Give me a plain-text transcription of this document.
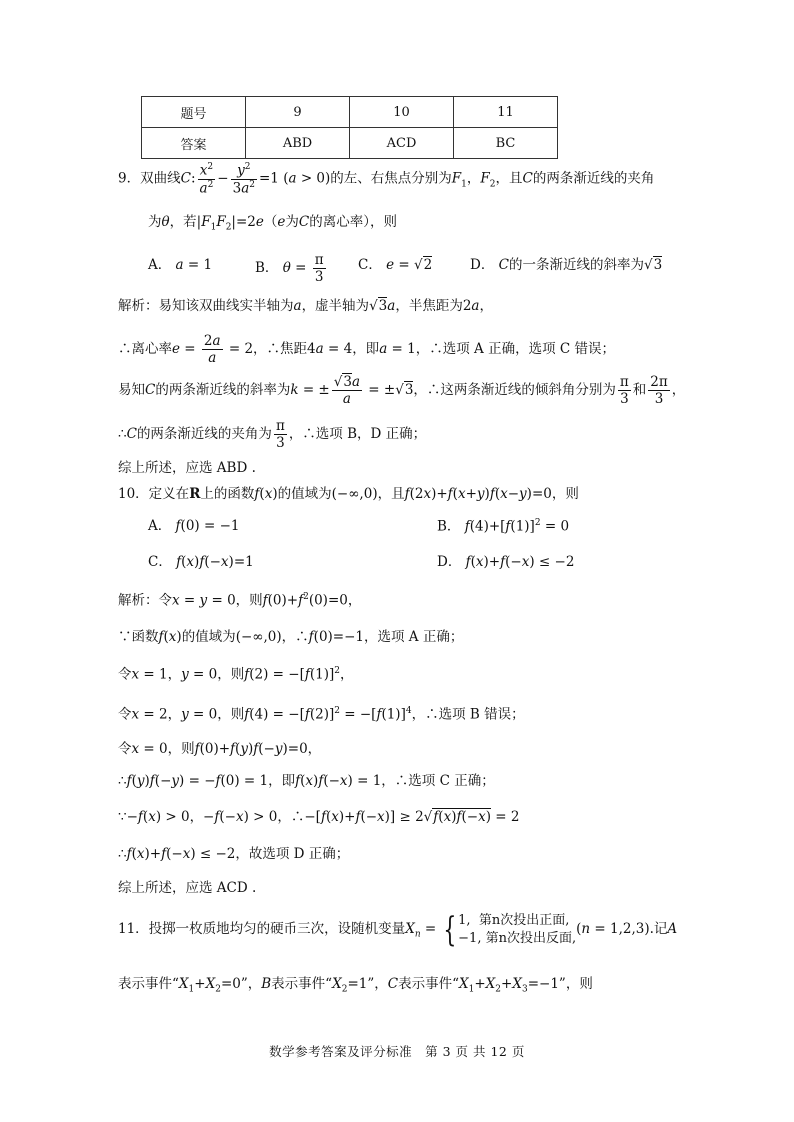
题号	9	10	11
答案	ABD	ACD	BC
9．双曲线C: $\frac{x^2}{a^2} - \frac{y^2}{3a^2} =1$ (a > 0)的左、右焦点分别为$F_1$，$F_2$，且C的两条渐近线的夹角
为θ，若$|F_1F_2|=2e(e$为C的离心率），则
A． a = 1	B． $\theta = \frac{\pi}{3}$ C． e = √2	D． C的一条渐近线的斜率为√3
解析：易知该双曲线实半轴为a，虚半轴为√3a，半焦距为2a，
∴离心率$e = \frac{2a}{a} = 2$，∴焦距4a = 4，即a = 1，∴选项 A 正确，选项 C 错误；
易知C的两条渐近线的斜率为k = ± $\frac{√3a}{a} = \pm√3$，∴这两条渐近线的倾斜角分别为 $\frac{\pi}{3}$ 和 $\frac{2\pi}{3}$ ，
∴C的两条渐近线的夹角为 $\frac{\pi}{3}$ ，∴选项 B，D 正确；
综上所述，应选 ABD .
10．定义在R上的函数f(x)的值域为(−∞,0)，且f(2x)+f(x+y)f(x−y)=0，则
A． f(0) = −1	B． $f(4)+[f(1)]^2 = 0$
C． f(x)f(−x)=1	D． f(x)+f(−x) ≤ −2
解析：令x = y = 0，则$f(0)+f^2(0)=0$，
∵函数f(x)的值域为(−∞,0)，∴f(0)=−1，选项 A 正确；
令x = 1，y = 0，则$f(2) = -[f(1)]^2$，
令x = 2，y = 0，则$f(4) = -[f(2)]^2 = -[f(1)]^4$，∴选项 B 错误；
令x = 0，则f(0)+f(y)f(−y)=0，
∴f(y)f(−y) = −f(0) = 1，即f(x)f(−x) = 1，∴选项 C 正确；
∵−f(x) > 0，−f(−x) > 0，∴−[f(x)+f(−x)] ≥ 2√f(x)f(−x) = 2
∴f(x)+f(−x) ≤ −2，故选项 D 正确；
综上所述，应选 ACD .
11．投掷一枚质地均匀的硬币三次，设随机变量$X_n$ = { 1,  第n次投出正面,
−1, 第n次投出反面,
(n = 1,2,3).记A
表示事件“$X_1+X_2=0$”，B表示事件“$X_2=1$”，C表示事件“$X_1+X_2+X_3=-1$”，则
数学参考答案及评分标准　第 3 页 共 12 页
